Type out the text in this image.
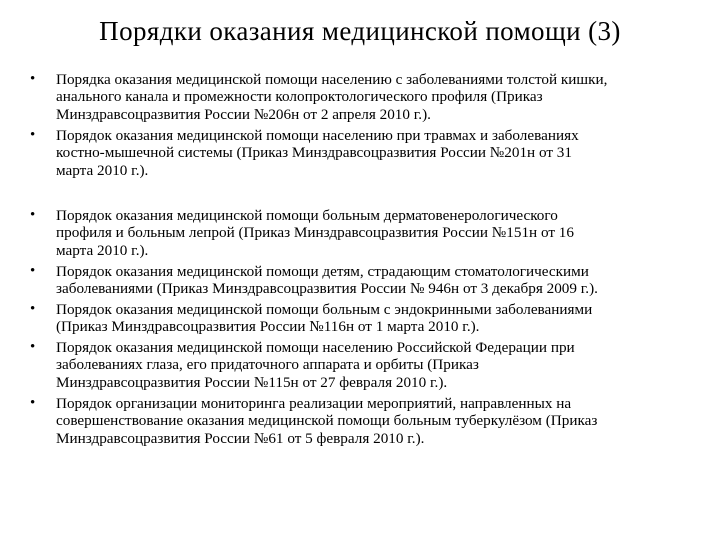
Порядки оказания медицинской помощи (3)
• Порядка оказания медицинской помощи населению с заболеваниями толстой кишки,
анального канала и промежности колопроктологического профиля (Приказ
Минздравсоцразвития России №206н от 2 апреля 2010 г.).
• Порядок оказания медицинской помощи населению при травмах и заболеваниях
костно-мышечной системы (Приказ Минздравсоцразвития России №201н от 31
марта 2010 г.).
• Порядок оказания медицинской помощи больным дерматовенерологического
профиля и больным лепрой (Приказ Минздравсоцразвития России №151н от 16
марта 2010 г.).
• Порядок оказания медицинской помощи детям, страдающим стоматологическими
заболеваниями (Приказ Минздравсоцразвития России № 946н от 3 декабря 2009 г.).
• Порядок оказания медицинской помощи больным с эндокринными заболеваниями
(Приказ Минздравсоцразвития России №116н от 1 марта 2010 г.).
• Порядок оказания медицинской помощи населению Российской Федерации при
заболеваниях глаза, его придаточного аппарата и орбиты (Приказ
Минздравсоцразвития России №115н от 27 февраля 2010 г.).
• Порядок организации мониторинга реализации мероприятий, направленных на
совершенствование оказания медицинской помощи больным туберкулёзом (Приказ
Минздравсоцразвития России №61 от 5 февраля 2010 г.).
